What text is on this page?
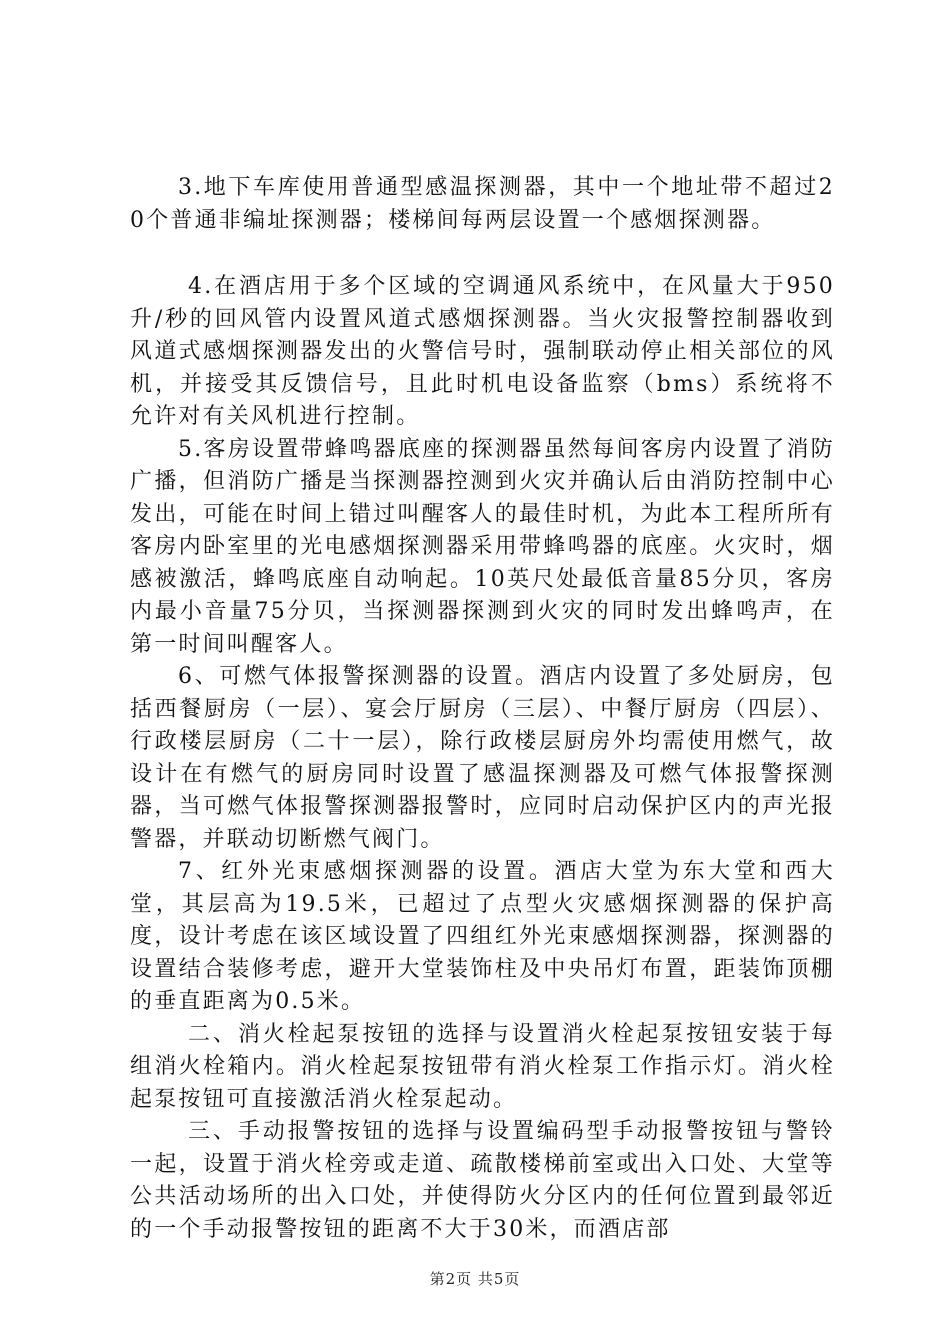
3.地下车库使用普通型感温探测器，其中一个地址带不超过20个普通非编址探测器；楼梯间每两层设置一个感烟探测器。

4.在酒店用于多个区域的空调通风系统中，在风量大于950升/秒的回风管内设置风道式感烟探测器。当火灾报警控制器收到风道式感烟探测器发出的火警信号时，强制联动停止相关部位的风机，并接受其反馈信号，且此时机电设备监察（bms）系统将不允许对有关风机进行控制。

5.客房设置带蜂鸣器底座的探测器虽然每间客房内设置了消防广播，但消防广播是当探测器控测到火灾并确认后由消防控制中心发出，可能在时间上错过叫醒客人的最佳时机，为此本工程所所有客房内卧室里的光电感烟探测器采用带蜂鸣器的底座。火灾时，烟感被激活，蜂鸣底座自动响起。10英尺处最低音量85分贝，客房内最小音量75分贝，当探测器探测到火灾的同时发出蜂鸣声，在第一时间叫醒客人。

6、可燃气体报警探测器的设置。酒店内设置了多处厨房，包括西餐厨房（一层）、宴会厅厨房（三层）、中餐厅厨房（四层）、行政楼层厨房（二十一层），除行政楼层厨房外均需使用燃气，故设计在有燃气的厨房同时设置了感温探测器及可燃气体报警探测器，当可燃气体报警探测器报警时，应同时启动保护区内的声光报警器，并联动切断燃气阀门。

7、红外光束感烟探测器的设置。酒店大堂为东大堂和西大堂，其层高为19.5米，已超过了点型火灾感烟探测器的保护高度，设计考虑在该区域设置了四组红外光束感烟探测器，探测器的设置结合装修考虑，避开大堂装饰柱及中央吊灯布置，距装饰顶棚的垂直距离为0.5米。

二、消火栓起泵按钮的选择与设置消火栓起泵按钮安装于每组消火栓箱内。消火栓起泵按钮带有消火栓泵工作指示灯。消火栓起泵按钮可直接激活消火栓泵起动。

三、手动报警按钮的选择与设置编码型手动报警按钮与警铃一起，设置于消火栓旁或走道、疏散楼梯前室或出入口处、大堂等公共活动场所的出入口处，并使得防火分区内的任何位置到最邻近的一个手动报警按钮的距离不大于30米，而酒店部

第2页 共5页
